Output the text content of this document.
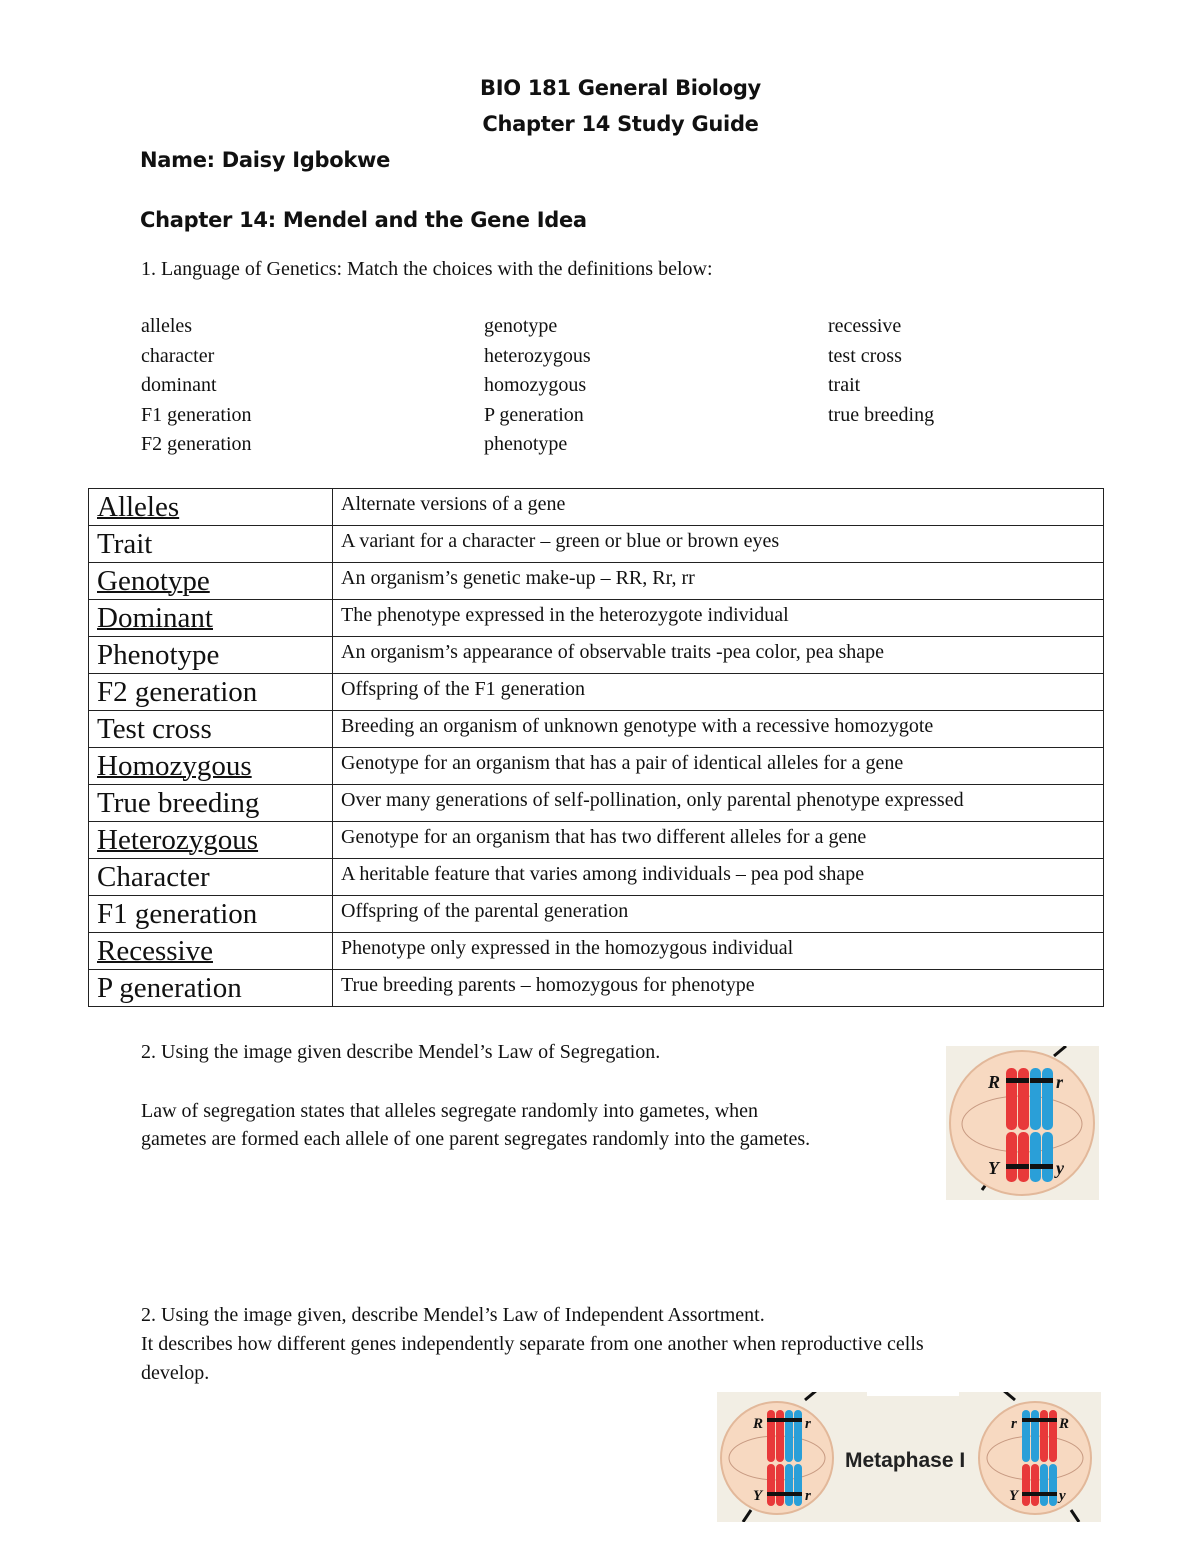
BIO 181 General Biology
Chapter 14 Study Guide
Name: Daisy Igbokwe
Chapter 14: Mendel and the Gene Idea
1. Language of Genetics: Match the choices with the definitions below:
alleles
character
dominant
F1 generation
F2 generation
genotype
heterozygous
homozygous
P generation
phenotype
recessive
test cross
trait
true breeding
Alleles	Alternate versions of a gene
Trait	A variant for a character – green or blue or brown eyes
Genotype	An organism’s genetic make-up – RR, Rr, rr
Dominant	The phenotype expressed in the heterozygote individual
Phenotype	An organism’s appearance of observable traits -pea color, pea shape
F2 generation	Offspring of the F1 generation
Test cross	Breeding an organism of unknown genotype with a recessive homozygote
Homozygous	Genotype for an organism that has a pair of identical alleles for a gene
True breeding	Over many generations of self-pollination, only parental phenotype expressed
Heterozygous	Genotype for an organism that has two different alleles for a gene
Character	A heritable feature that varies among individuals – pea pod shape
F1 generation	Offspring of the parental generation
Recessive	Phenotype only expressed in the homozygous individual
P generation	True breeding parents – homozygous for phenotype
2. Using the image given describe Mendel’s Law of Segregation.
Law of segregation states that alleles segregate randomly into gametes, when
gametes are formed each allele of one parent segregates randomly into the gametes.
R	r
Y	y
2. Using the image given, describe Mendel’s Law of Independent Assortment.
It describes how different genes independently separate from one another when reproductive cells
develop.
R	r
Y	r
r	R
Y	y
Metaphase I
